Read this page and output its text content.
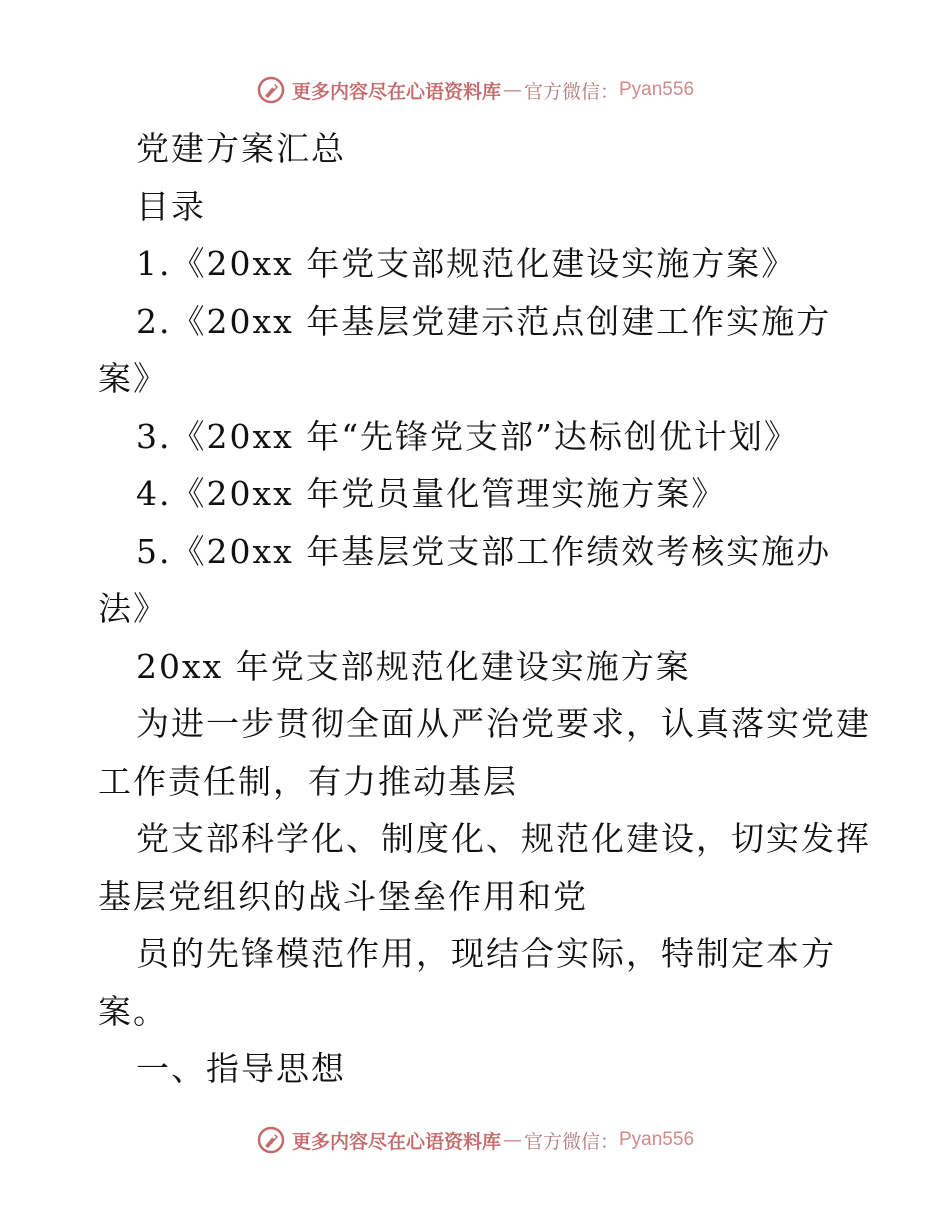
更多内容尽在心语资料库 — 官方微信： Pyan556
党建方案汇总
目录
1.《20xx 年党支部规范化建设实施方案》
2.《20xx 年基层党建示范点创建工作实施方
案》
3.《20xx 年“先锋党支部”达标创优计划》
4.《20xx 年党员量化管理实施方案》
5.《20xx 年基层党支部工作绩效考核实施办
法》
20xx 年党支部规范化建设实施方案
为进一步贯彻全面从严治党要求，认真落实党建
工作责任制，有力推动基层
党支部科学化、制度化、规范化建设，切实发挥
基层党组织的战斗堡垒作用和党
员的先锋模范作用，现结合实际，特制定本方
案。
一、指导思想
更多内容尽在心语资料库 — 官方微信： Pyan556
